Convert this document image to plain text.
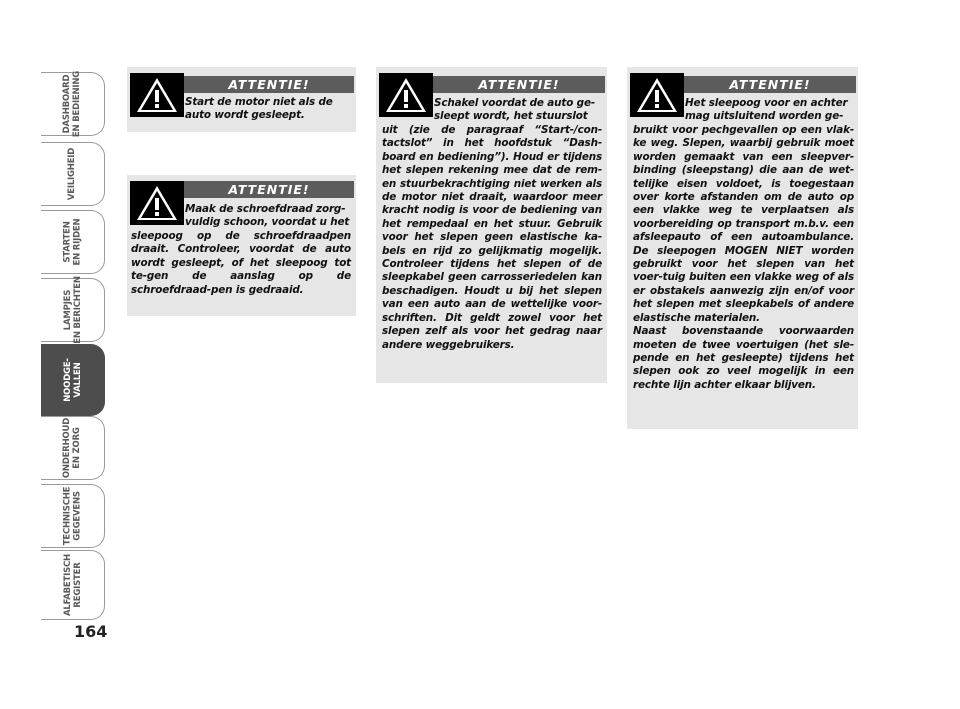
DASHBOARD
EN BEDIENING
VEILIGHEID
STARTEN
EN RIJDEN
LAMPJES
EN BERICHTEN
NOODGE-
VALLEN
ONDERHOUD
EN ZORG
TECHNISCHE
GEGEVENS
ALFABETISCH
REGISTER
164
ATTENTIE!
Start de motor niet als de
auto wordt gesleept.
ATTENTIE!
Maak de schroefdraad zorg-
vuldig schoon, voordat u het
sleepoog op de schroefdraadpen draait. Controleer, voordat de auto wordt gesleept, of het sleepoog tot te-gen de aanslag op de schroefdraad-pen is gedraaid.
ATTENTIE!
Schakel voordat de auto ge-
sleept wordt, het stuurslot
uit (zie de paragraaf “Start-/con-tactslot” in het hoofdstuk “Dash-board en bediening”). Houd er tijdens het slepen rekening mee dat de rem-en stuurbekrachtiging niet werken als de motor niet draait, waardoor meer kracht nodig is voor de bediening van het rempedaal en het stuur. Gebruik voor het slepen geen elastische ka-bels en rijd zo gelijkmatig mogelijk. Controleer tijdens het slepen of de sleepkabel geen carrosseriedelen kan beschadigen. Houdt u bij het slepen van een auto aan de wettelijke voor-schriften. Dit geldt zowel voor het slepen zelf als voor het gedrag naar andere weggebruikers.
ATTENTIE!
Het sleepoog voor en achter
mag uitsluitend worden ge-
bruikt voor pechgevallen op een vlak-ke weg. Slepen, waarbij gebruik moet worden gemaakt van een sleepver-binding (sleepstang) die aan de wet-telijke eisen voldoet, is toegestaan over korte afstanden om de auto op een vlakke weg te verplaatsen als voorbereiding op transport m.b.v. een afsleepauto of een autoambulance. De sleepogen MOGEN NIET worden gebruikt voor het slepen van het voer-tuig buiten een vlakke weg of als er obstakels aanwezig zijn en/of voor het slepen met sleepkabels of andere elastische materialen.
Naast bovenstaande voorwaarden moeten de twee voertuigen (het sle-pende en het gesleepte) tijdens het slepen ook zo veel mogelijk in een rechte lijn achter elkaar blijven.
